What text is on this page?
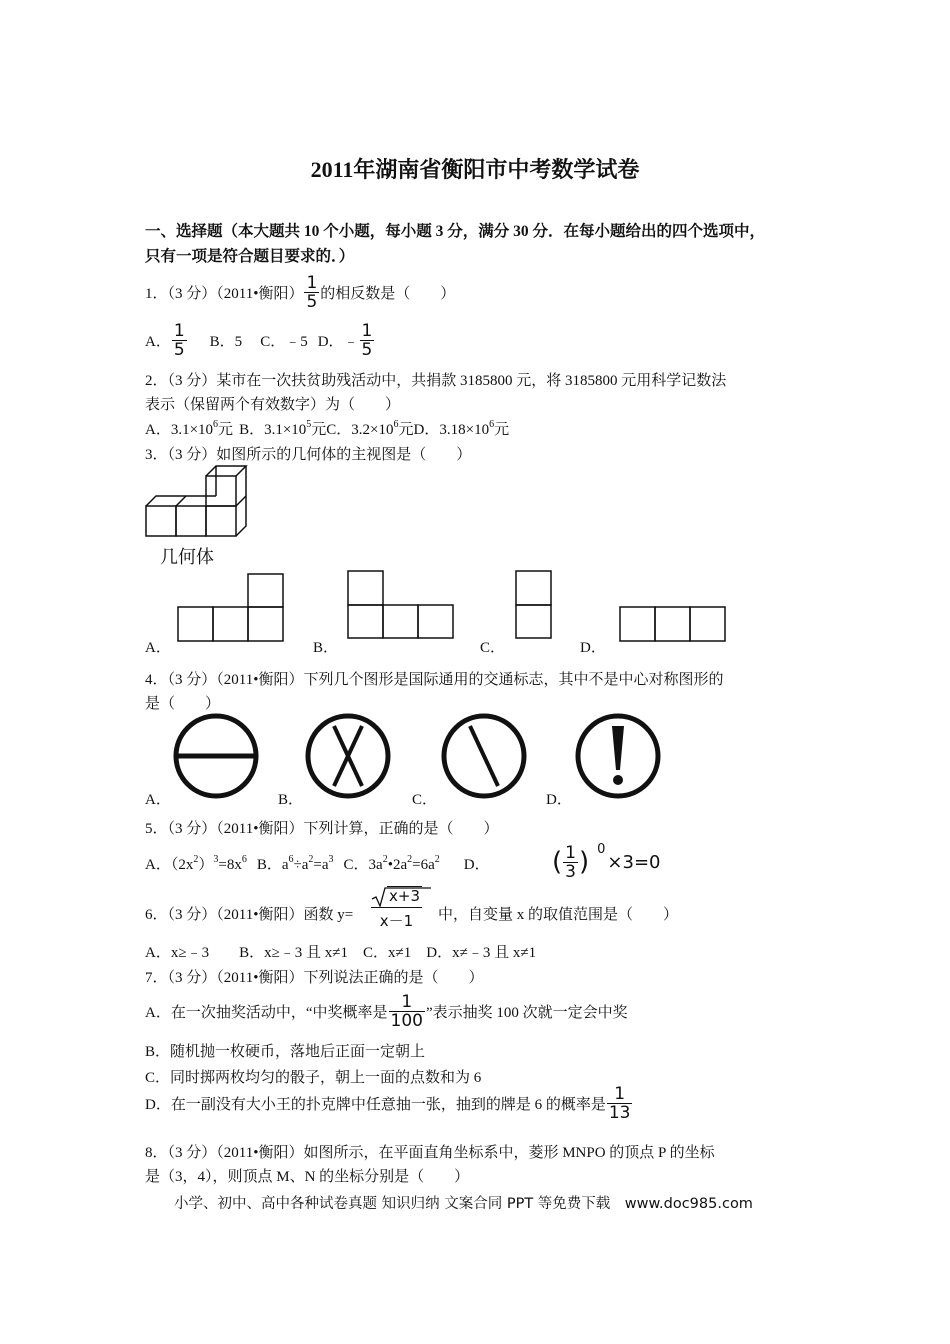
2011年湖南省衡阳市中考数学试卷
一、选择题（本大题共 10 个小题，每小题 3 分，满分 30 分．在每小题给出的四个选项中，
只有一项是符合题目要求的．）
1．（3 分）（2011•衡阳） $\frac{1}{5}$ 的相反数是（　　）
A． $\frac{1}{5}$ B．5 C．﹣5 D．﹣ $\frac{1}{5}$
2．（3 分）某市在一次扶贫助残活动中，共捐款 3185800 元，将 3185800 元用科学记数法
表示（保留两个有效数字）为（　　）
A．$3.1\times 10^6$元 B．$3.1\times 10^5$元C．$3.2\times 10^6$元D．$3.18\times 10^6$元
3．（3 分）如图所示的几何体的主视图是（　　）
几何体
A．	B．	C．	D．
4．（3 分）（2011•衡阳）下列几个图形是国际通用的交通标志，其中不是中心对称图形的
是（　　）
A．	B．	C．	D．
5．（3 分）（2011•衡阳）下列计算，正确的是（　　）
A．$(2x^2)^3=8x^6$ B．$a^6\div a^2=a^3$ C．$3a^2•2a^2=6a^2$ D． ( $\frac{1}{3}$ ) $^0$×3=0
6．（3 分）（2011•衡阳）函数 $y= \frac{x+3}{x-1}$ 中，自变量 x 的取值范围是（　　）
A．x≥﹣3　　B．x≥﹣3 且 x≠1　C．x≠1　D．x≠﹣3 且 x≠1
7．（3 分）（2011•衡阳）下列说法正确的是（　　）
A．在一次抽奖活动中，“中奖概率是 $\frac{1}{100}$ ”表示抽奖 100 次就一定会中奖
B．随机抛一枚硬币，落地后正面一定朝上
C．同时掷两枚均匀的骰子，朝上一面的点数和为 6
D．在一副没有大小王的扑克牌中任意抽一张，抽到的牌是 6 的概率是 $\frac{1}{13}$
8．（3 分）（2011•衡阳）如图所示，在平面直角坐标系中，菱形 MNPO 的顶点 P 的坐标
是（3，4），则顶点 M、N 的坐标分别是（　　）
小学、初中、高中各种试卷真题 知识归纳 文案合同 PPT 等免费下载　www.doc985.com
